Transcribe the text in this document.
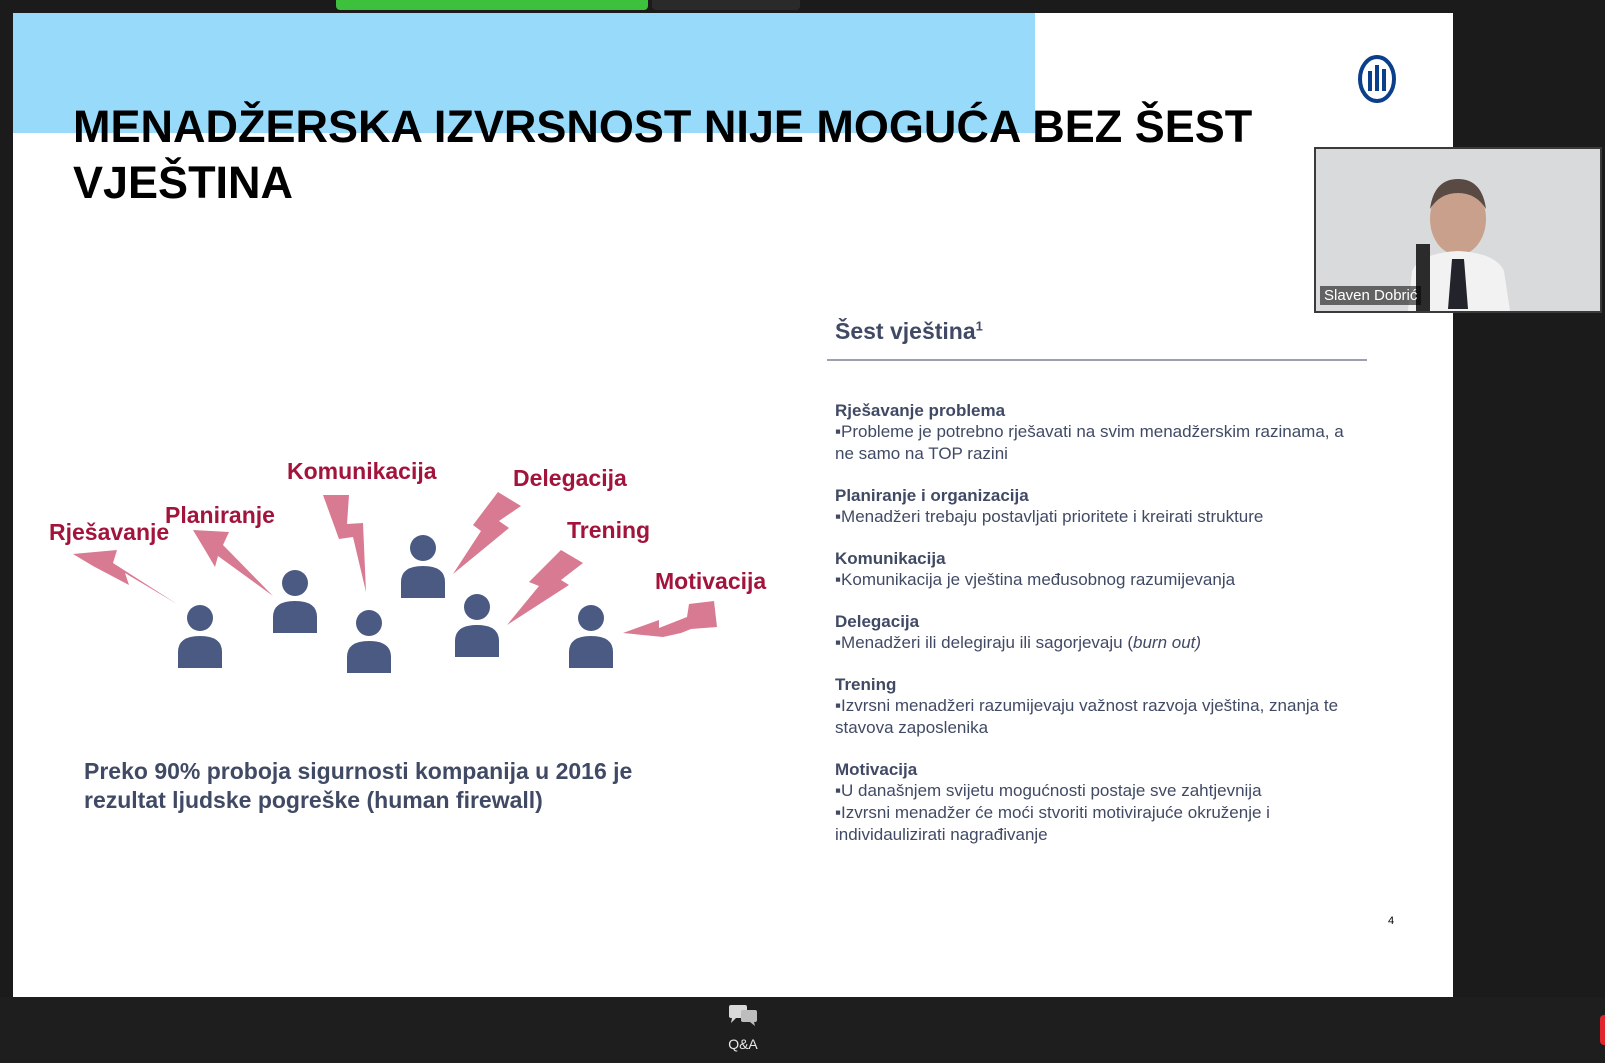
MENADŽERSKA IZVRSNOST NIJE MOGUĆA BEZ ŠEST VJEŠTINA
Šest vještina$^1$
Rješavanje problema
▪Probleme je potrebno rješavati na svim menadžerskim razinama, a ne samo na TOP razini
Planiranje i organizacija
▪Menadžeri trebaju postavljati prioritete i kreirati strukture
Komunikacija
▪Komunikacija je vještina međusobnog razumijevanja
Delegacija
▪Menadžeri ili delegiraju ili sagorjevaju (burn out)
Trening
▪Izvrsni menadžeri razumijevaju važnost razvoja vještina, znanja te stavova zaposlenika
Motivacija
▪U današnjem svijetu mogućnosti postaje sve zahtjevnija
▪Izvrsni menadžer će moći stvoriti motivirajuće okruženje i individaulizirati nagrađivanje
Rješavanje
Planiranje
Komunikacija	Delegacija
Trening
Motivacija

Preko 90% proboja sigurnosti kompanija u 2016 je rezultat ljudske pogreške (human firewall)

4
Slaven Dobrić
Q&A
